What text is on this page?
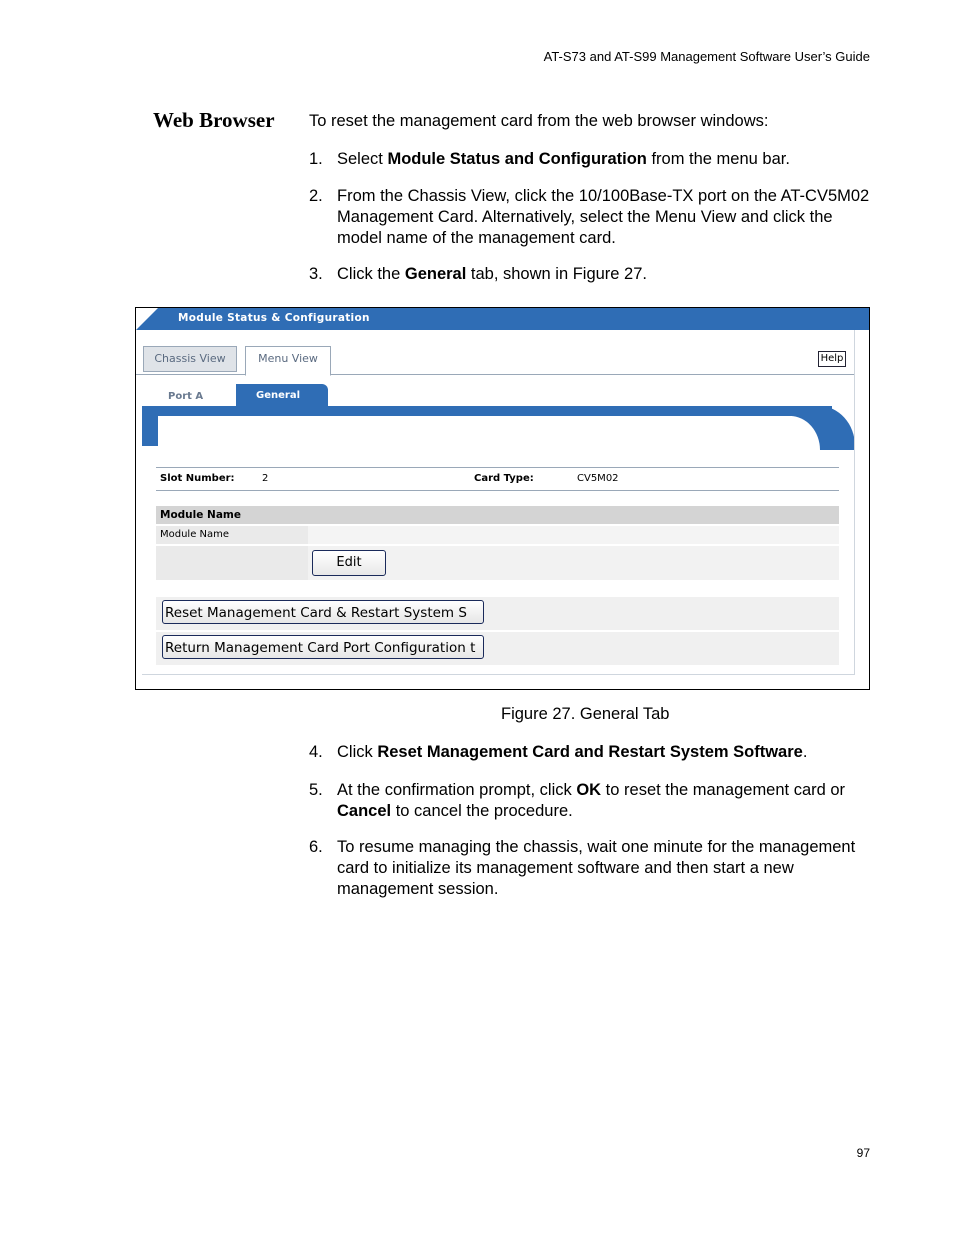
AT-S73 and AT-S99 Management Software User’s Guide
Web Browser To reset the management card from the web browser windows:
1. Select Module Status and Configuration from the menu bar.
2. From the Chassis View, click the 10/100Base-TX port on the AT-CV5M02 Management Card. Alternatively, select the Menu View and click the model name of the management card.
3. Click the General tab, shown in Figure 27.
Module Status & Configuration
Chassis View	Menu View	Help
Port A	General
Slot Number:	2	Card Type:	CV5M02
Module Name
Module Name
Edit
Reset Management Card & Restart System S
Return Management Card Port Configuration t
Figure 27. General Tab
4. Click Reset Management Card and Restart System Software.
5. At the confirmation prompt, click OK to reset the management card or Cancel to cancel the procedure.
6. To resume managing the chassis, wait one minute for the management card to initialize its management software and then start a new management session.
97
